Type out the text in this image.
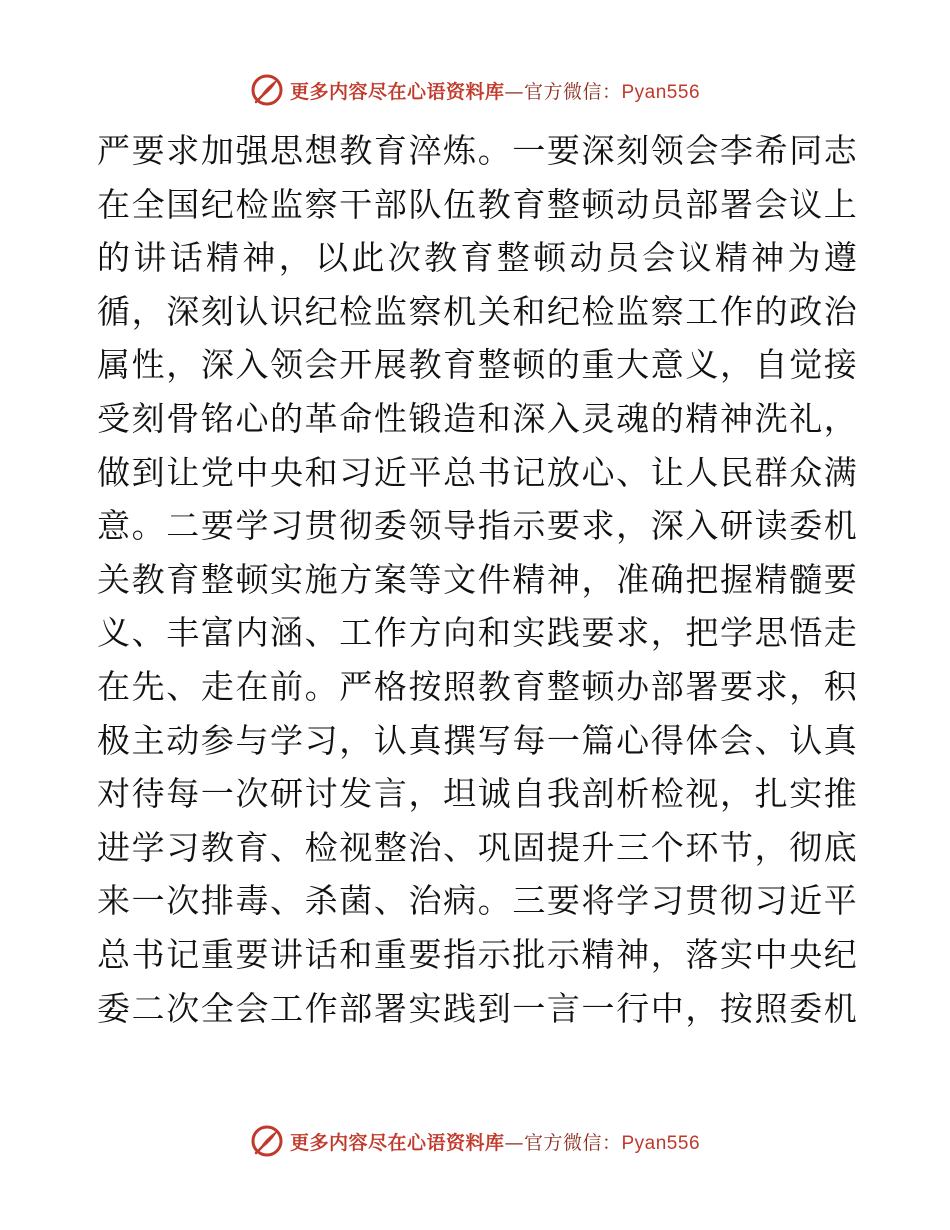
更多内容尽在心语资料库—官方微信：Pyan556
严 要 求 加 强 思 想 教 育 淬 炼 。 一 要 深 刻 领 会 李 希 同 志
在 全 国 纪 检 监 察 干 部 队 伍 教 育 整 顿 动 员 部 署 会 议 上
的 讲 话 精 神 ， 以 此 次 教 育 整 顿 动 员 会 议 精 神 为 遵
循 ， 深 刻 认 识 纪 检 监 察 机 关 和 纪 检 监 察 工 作 的 政 治
属 性 ， 深 入 领 会 开 展 教 育 整 顿 的 重 大 意 义 ， 自 觉 接
受 刻 骨 铭 心 的 革 命 性 锻 造 和 深 入 灵 魂 的 精 神 洗 礼 ，
做 到 让 党 中 央 和 习 近 平 总 书 记 放 心 、 让 人 民 群 众 满
意 。 二 要 学 习 贯 彻 委 领 导 指 示 要 求 ， 深 入 研 读 委 机
关 教 育 整 顿 实 施 方 案 等 文 件 精 神 ， 准 确 把 握 精 髓 要
义 、 丰 富 内 涵 、 工 作 方 向 和 实 践 要 求 ， 把 学 思 悟 走
在 先 、 走 在 前 。 严 格 按 照 教 育 整 顿 办 部 署 要 求 ， 积
极 主 动 参 与 学 习 ， 认 真 撰 写 每 一 篇 心 得 体 会 、 认 真
对 待 每 一 次 研 讨 发 言 ， 坦 诚 自 我 剖 析 检 视 ， 扎 实 推
进 学 习 教 育 、 检 视 整 治 、 巩 固 提 升 三 个 环 节 ， 彻 底
来 一 次 排 毒 、 杀 菌 、 治 病 。 三 要 将 学 习 贯 彻 习 近 平
总 书 记 重 要 讲 话 和 重 要 指 示 批 示 精 神 ， 落 实 中 央 纪
委 二 次 全 会 工 作 部 署 实 践 到 一 言 一 行 中 ， 按 照 委 机
更多内容尽在心语资料库—官方微信：Pyan556
